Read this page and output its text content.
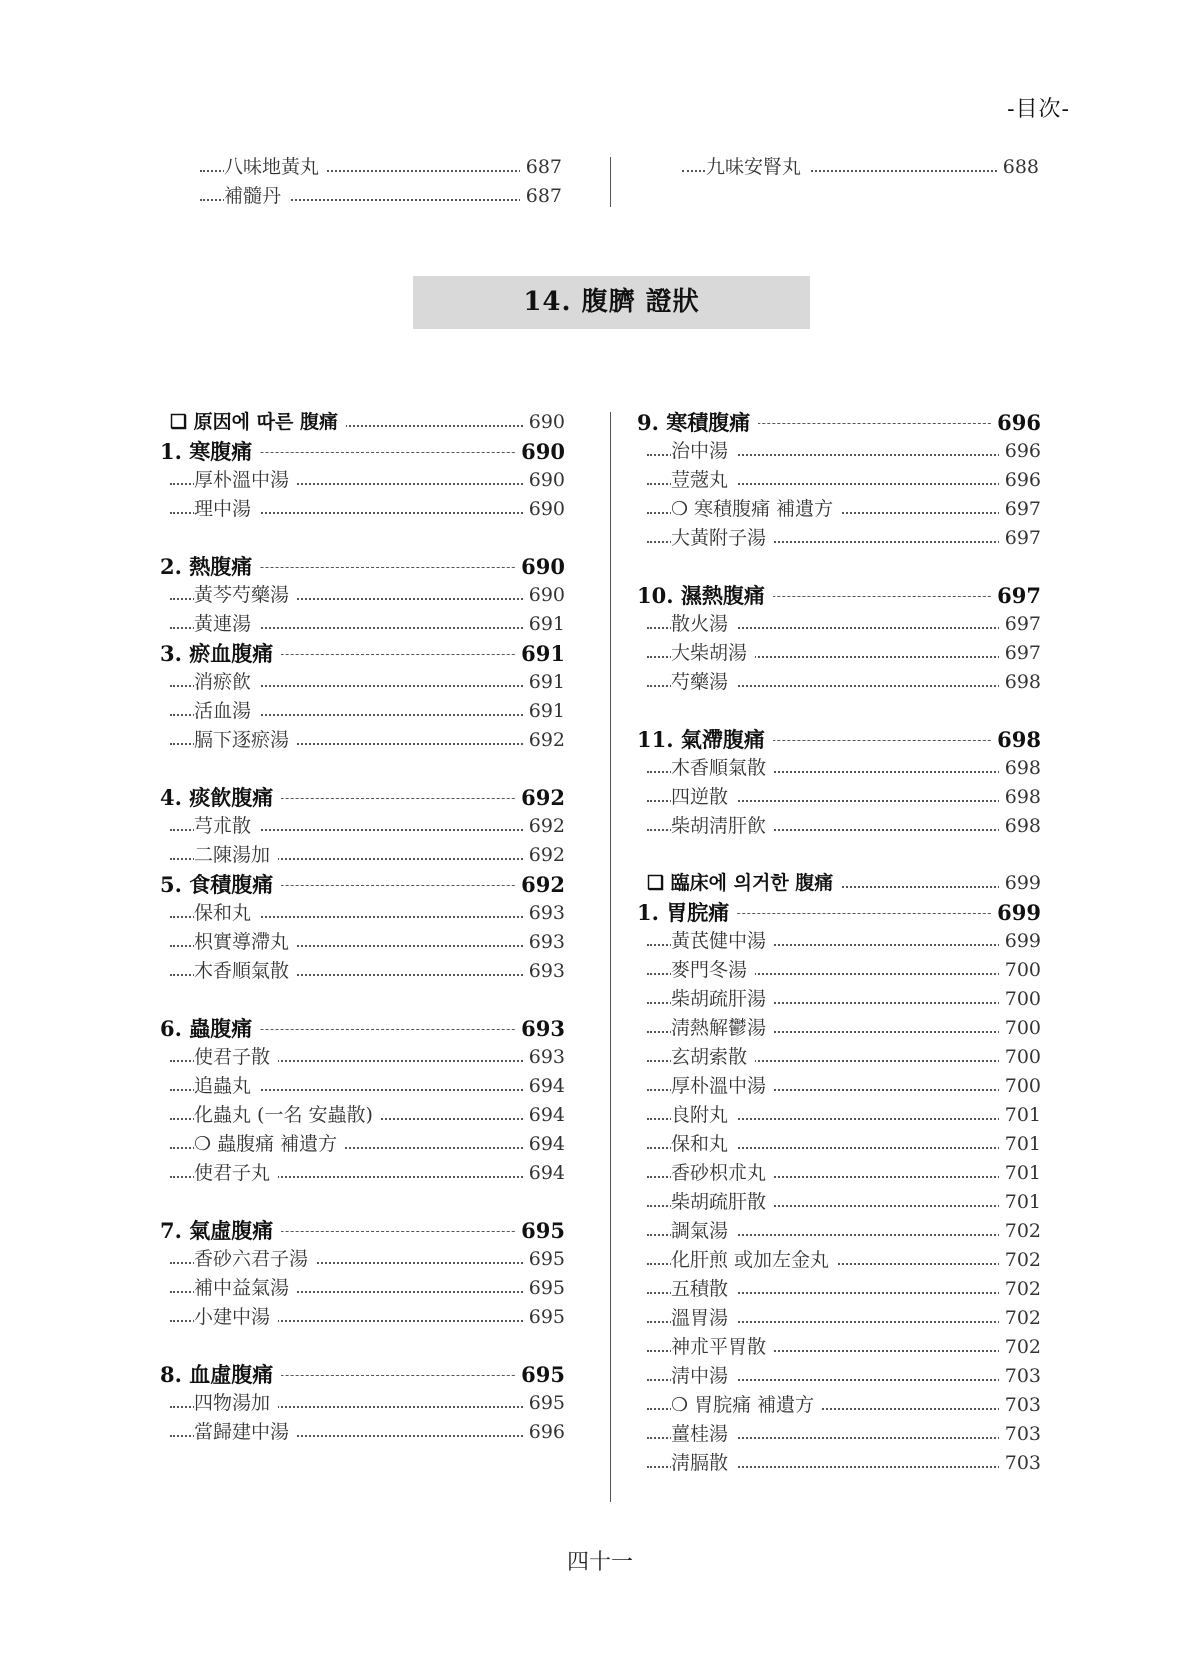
-目次-
八味地黃丸	687
補髓丹	687
九味安腎丸	688
14. 腹臍 證狀
❑ 原因에 따른 腹痛	690
1. 寒腹痛	690
厚朴溫中湯	690
理中湯	690
2. 熱腹痛	690
黃芩芍藥湯	690
黃連湯	691
3. 瘀血腹痛	691
消瘀飮	691
活血湯	691
膈下逐瘀湯	692
4. 痰飮腹痛	692
芎朮散	692
二陳湯加	692
5. 食積腹痛	692
保和丸	693
枳實導滯丸	693
木香順氣散	693
6. 蟲腹痛	693
使君子散	693
追蟲丸	694
化蟲丸 (一名 安蟲散)	694
❍ 蟲腹痛 補遺方	694
使君子丸	694
7. 氣虛腹痛	695
香砂六君子湯	695
補中益氣湯	695
小建中湯	695
8. 血虛腹痛	695
四物湯加	695
當歸建中湯	696
9. 寒積腹痛	696
治中湯	696
荳蔲丸	696
❍ 寒積腹痛 補遺方	697
大黃附子湯	697
10. 濕熱腹痛	697
散火湯	697
大柴胡湯	697
芍藥湯	698
11. 氣滯腹痛	698
木香順氣散	698
四逆散	698
柴胡淸肝飮	698
❑ 臨床에 의거한 腹痛	699
1. 胃脘痛	699
黃芪健中湯	699
麥門冬湯	700
柴胡疏肝湯	700
淸熱解鬱湯	700
玄胡索散	700
厚朴溫中湯	700
良附丸	701
保和丸	701
香砂枳朮丸	701
柴胡疏肝散	701
調氣湯	702
化肝煎 或加左金丸	702
五積散	702
溫胃湯	702
神朮平胃散	702
淸中湯	703
❍ 胃脘痛 補遺方	703
薑桂湯	703
淸膈散	703
四十一
